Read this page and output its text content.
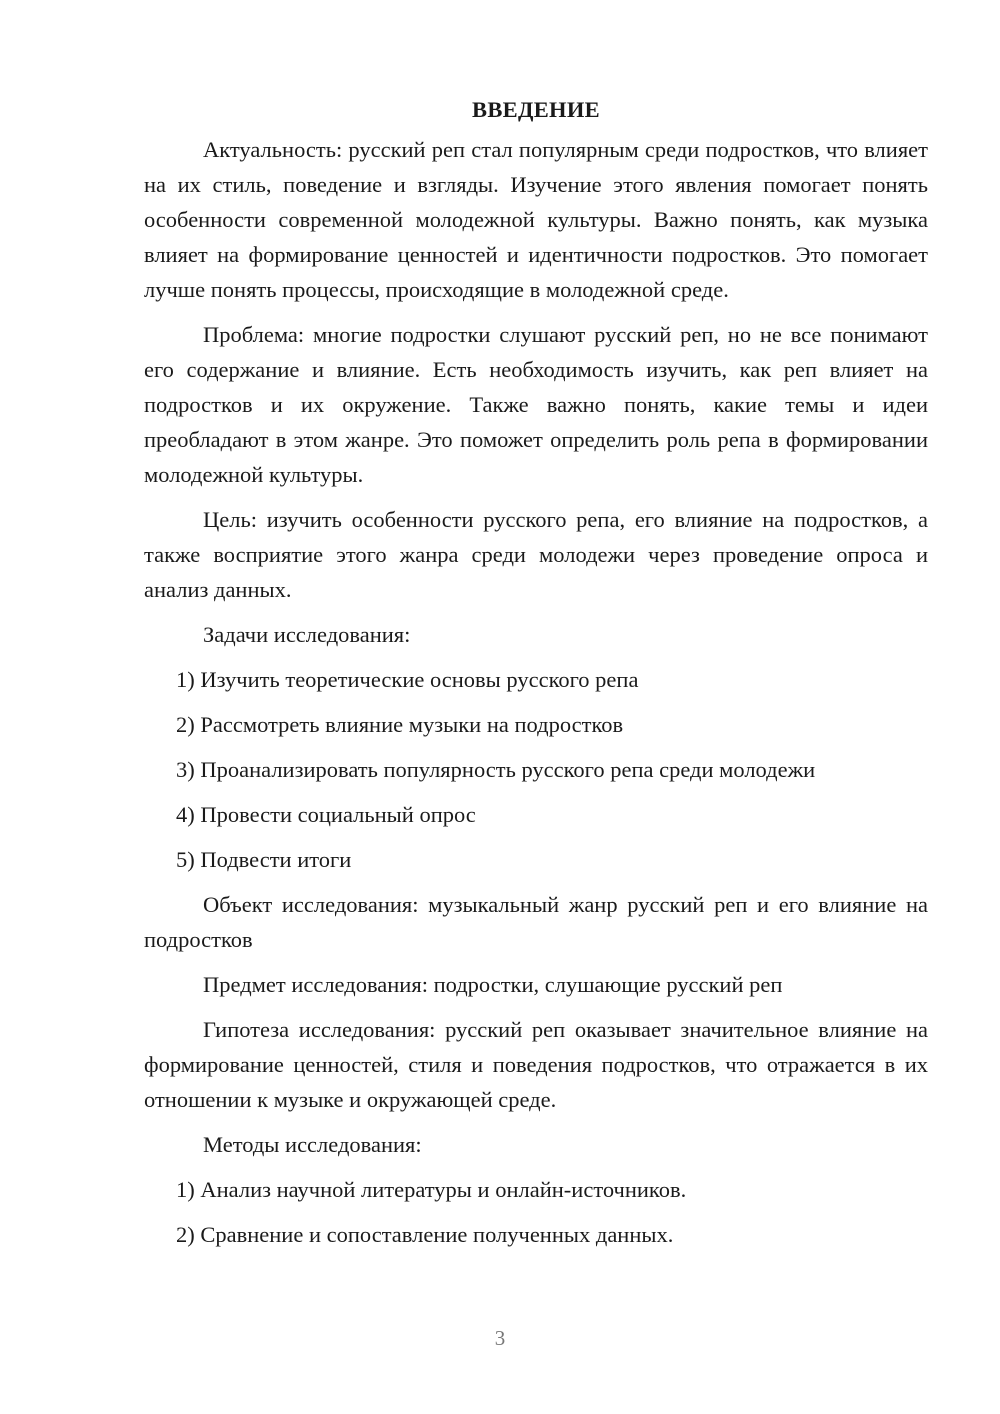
ВВЕДЕНИЕ

Актуальность: русский реп стал популярным среди подростков, что влияет на их стиль, поведение и взгляды. Изучение этого явления помогает понять особенности современной молодежной культуры. Важно понять, как музыка влияет на формирование ценностей и идентичности подростков. Это помогает лучше понять процессы, происходящие в молодежной среде.

Проблема: многие подростки слушают русский реп, но не все понимают его содержание и влияние. Есть необходимость изучить, как реп влияет на подростков и их окружение. Также важно понять, какие темы и идеи преобладают в этом жанре. Это поможет определить роль репа в формировании молодежной культуры.

Цель: изучить особенности русского репа, его влияние на подростков, а также восприятие этого жанра среди молодежи через проведение опроса и анализ данных.

Задачи исследования:

1) Изучить теоретические основы русского репа
2) Рассмотреть влияние музыки на подростков
3) Проанализировать популярность русского репа среди молодежи
4) Провести социальный опрос
5) Подвести итоги

Объект исследования: музыкальный жанр русский реп и его влияние на подростков

Предмет исследования: подростки, слушающие русский реп

Гипотеза исследования: русский реп оказывает значительное влияние на формирование ценностей, стиля и поведения подростков, что отражается в их отношении к музыке и окружающей среде.

Методы исследования:

1) Анализ научной литературы и онлайн-источников.
2) Сравнение и сопоставление полученных данных.
3
